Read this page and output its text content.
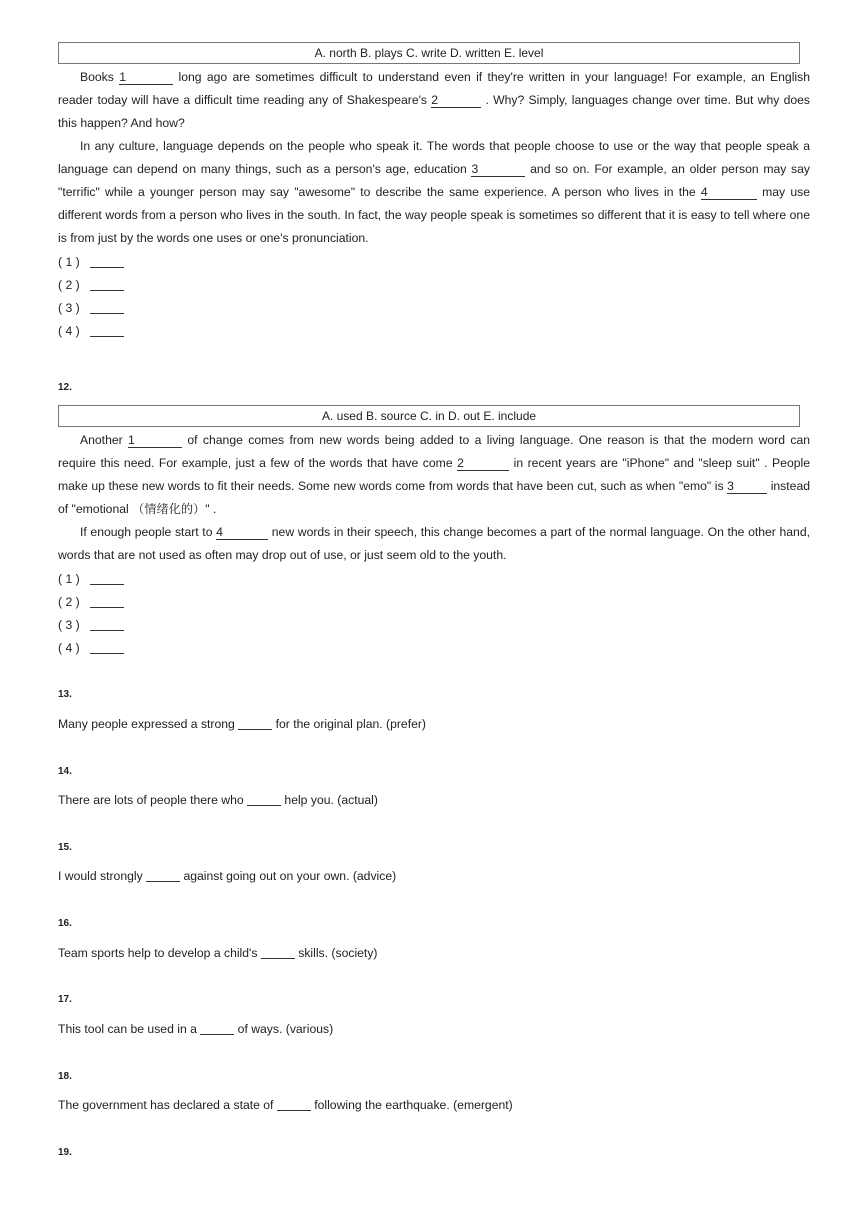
A. north B. plays C. write D. written E. level
Books 1	long ago are sometimes difficult to understand even if they're written in your language! For example, an English reader today will have a difficult time reading any of Shakespeare's 2	. Why? Simply, languages change over time. But why does this happen? And how?
In any culture, language depends on the people who speak it. The words that people choose to use or the way that people speak a language can depend on many things, such as a person's age, education 3	and so on. For example, an older person may say "terrific" while a younger person may say "awesome" to describe the same experience. A person who lives in the 4	may use different words from a person who lives in the south. In fact, the way people speak is sometimes so different that it is easy to tell where one is from just by the words one uses or one's pronunciation.
( 1 )
( 2 )
( 3 )
( 4 )
12.
A. used B. source C. in D. out E. include
Another 1	of change comes from new words being added to a living language. One reason is that the modern word can require this need. For example, just a few of the words that have come 2	in recent years are "iPhone" and "sleep suit" . People make up these new words to fit their needs. Some new words come from words that have been cut, such as when "emo" is 3	instead of "emotional （情绪化的）" .
If enough people start to 4	new words in their speech, this change becomes a part of the normal language. On the other hand, words that are not used as often may drop out of use, or just seem old to the youth.
( 1 )
( 2 )
( 3 )
( 4 )
13.
Many people expressed a strong	for the original plan. (prefer)
14.
There are lots of people there who	help you. (actual)
15.
I would strongly	against going out on your own. (advice)
16.
Team sports help to develop a child's	skills. (society)
17.
This tool can be used in a	of ways. (various)
18.
The government has declared a state of	following the earthquake. (emergent)
19.
